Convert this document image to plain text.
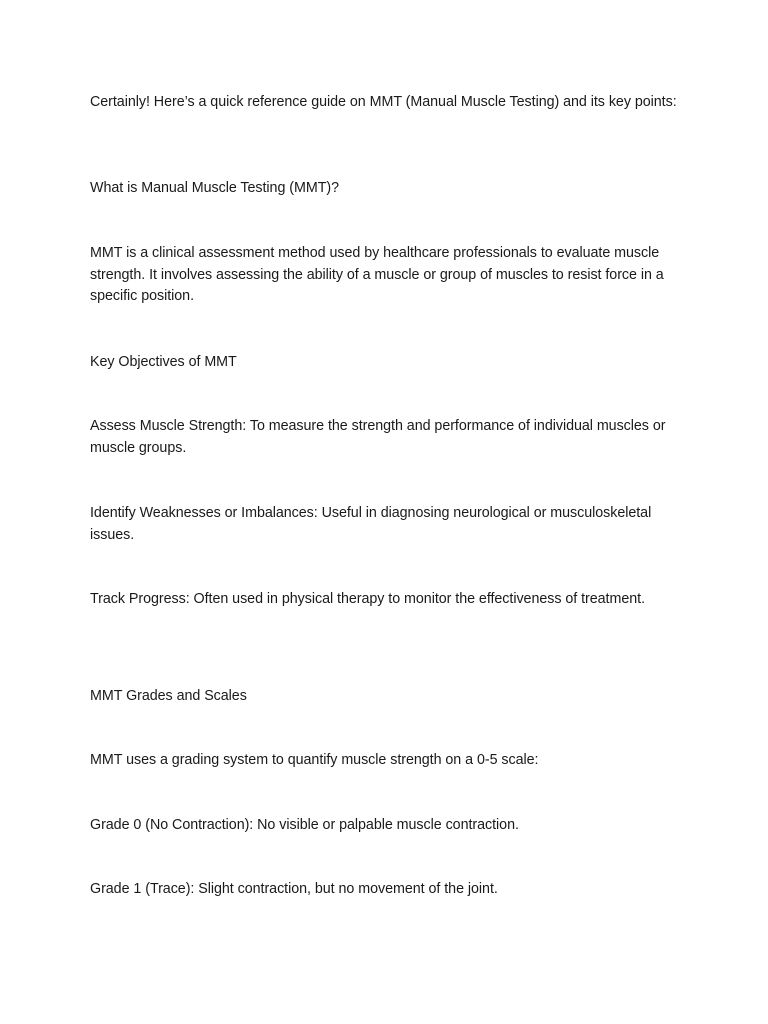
Certainly! Here’s a quick reference guide on MMT (Manual Muscle Testing) and its key points:

What is Manual Muscle Testing (MMT)?

MMT is a clinical assessment method used by healthcare professionals to evaluate muscle strength. It involves assessing the ability of a muscle or group of muscles to resist force in a specific position.

Key Objectives of MMT

Assess Muscle Strength: To measure the strength and performance of individual muscles or muscle groups.

Identify Weaknesses or Imbalances: Useful in diagnosing neurological or musculoskeletal issues.

Track Progress: Often used in physical therapy to monitor the effectiveness of treatment.

MMT Grades and Scales

MMT uses a grading system to quantify muscle strength on a 0-5 scale:

Grade 0 (No Contraction): No visible or palpable muscle contraction.

Grade 1 (Trace): Slight contraction, but no movement of the joint.
